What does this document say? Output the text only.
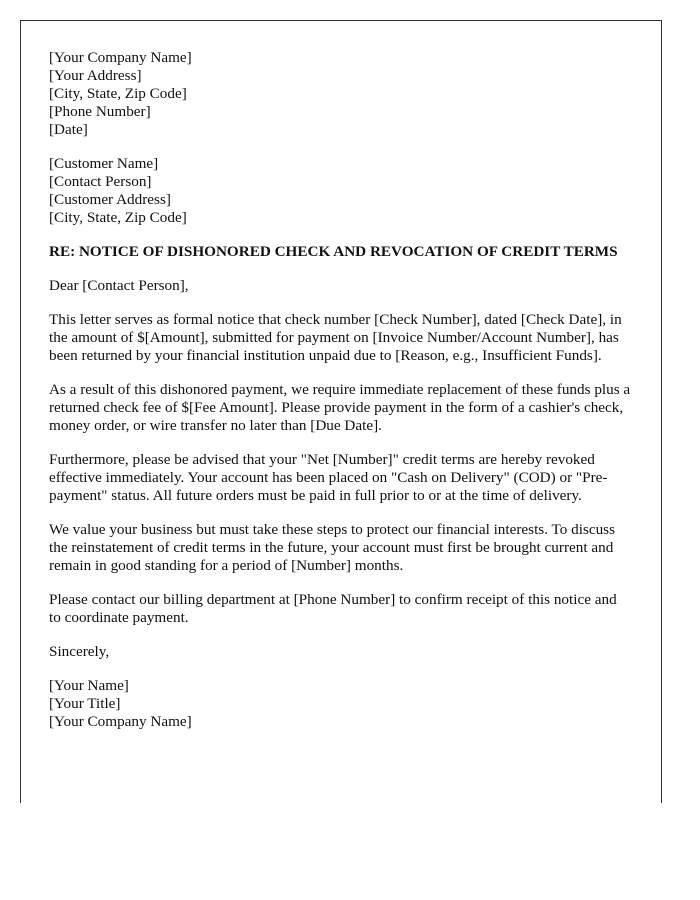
[Your Company Name]
[Your Address]
[City, State, Zip Code]
[Phone Number]
[Date]

[Customer Name]
[Contact Person]
[Customer Address]
[City, State, Zip Code]

RE: NOTICE OF DISHONORED CHECK AND REVOCATION OF CREDIT TERMS

Dear [Contact Person],

This letter serves as formal notice that check number [Check Number], dated [Check Date], in the amount of $[Amount], submitted for payment on [Invoice Number/Account Number], has been returned by your financial institution unpaid due to [Reason, e.g., Insufficient Funds].

As a result of this dishonored payment, we require immediate replacement of these funds plus a returned check fee of $[Fee Amount]. Please provide payment in the form of a cashier's check, money order, or wire transfer no later than [Due Date].

Furthermore, please be advised that your "Net [Number]" credit terms are hereby revoked effective immediately. Your account has been placed on "Cash on Delivery" (COD) or "Pre-payment" status. All future orders must be paid in full prior to or at the time of delivery.

We value your business but must take these steps to protect our financial interests. To discuss the reinstatement of credit terms in the future, your account must first be brought current and remain in good standing for a period of [Number] months.

Please contact our billing department at [Phone Number] to confirm receipt of this notice and to coordinate payment.

Sincerely,

[Your Name]
[Your Title]
[Your Company Name]
